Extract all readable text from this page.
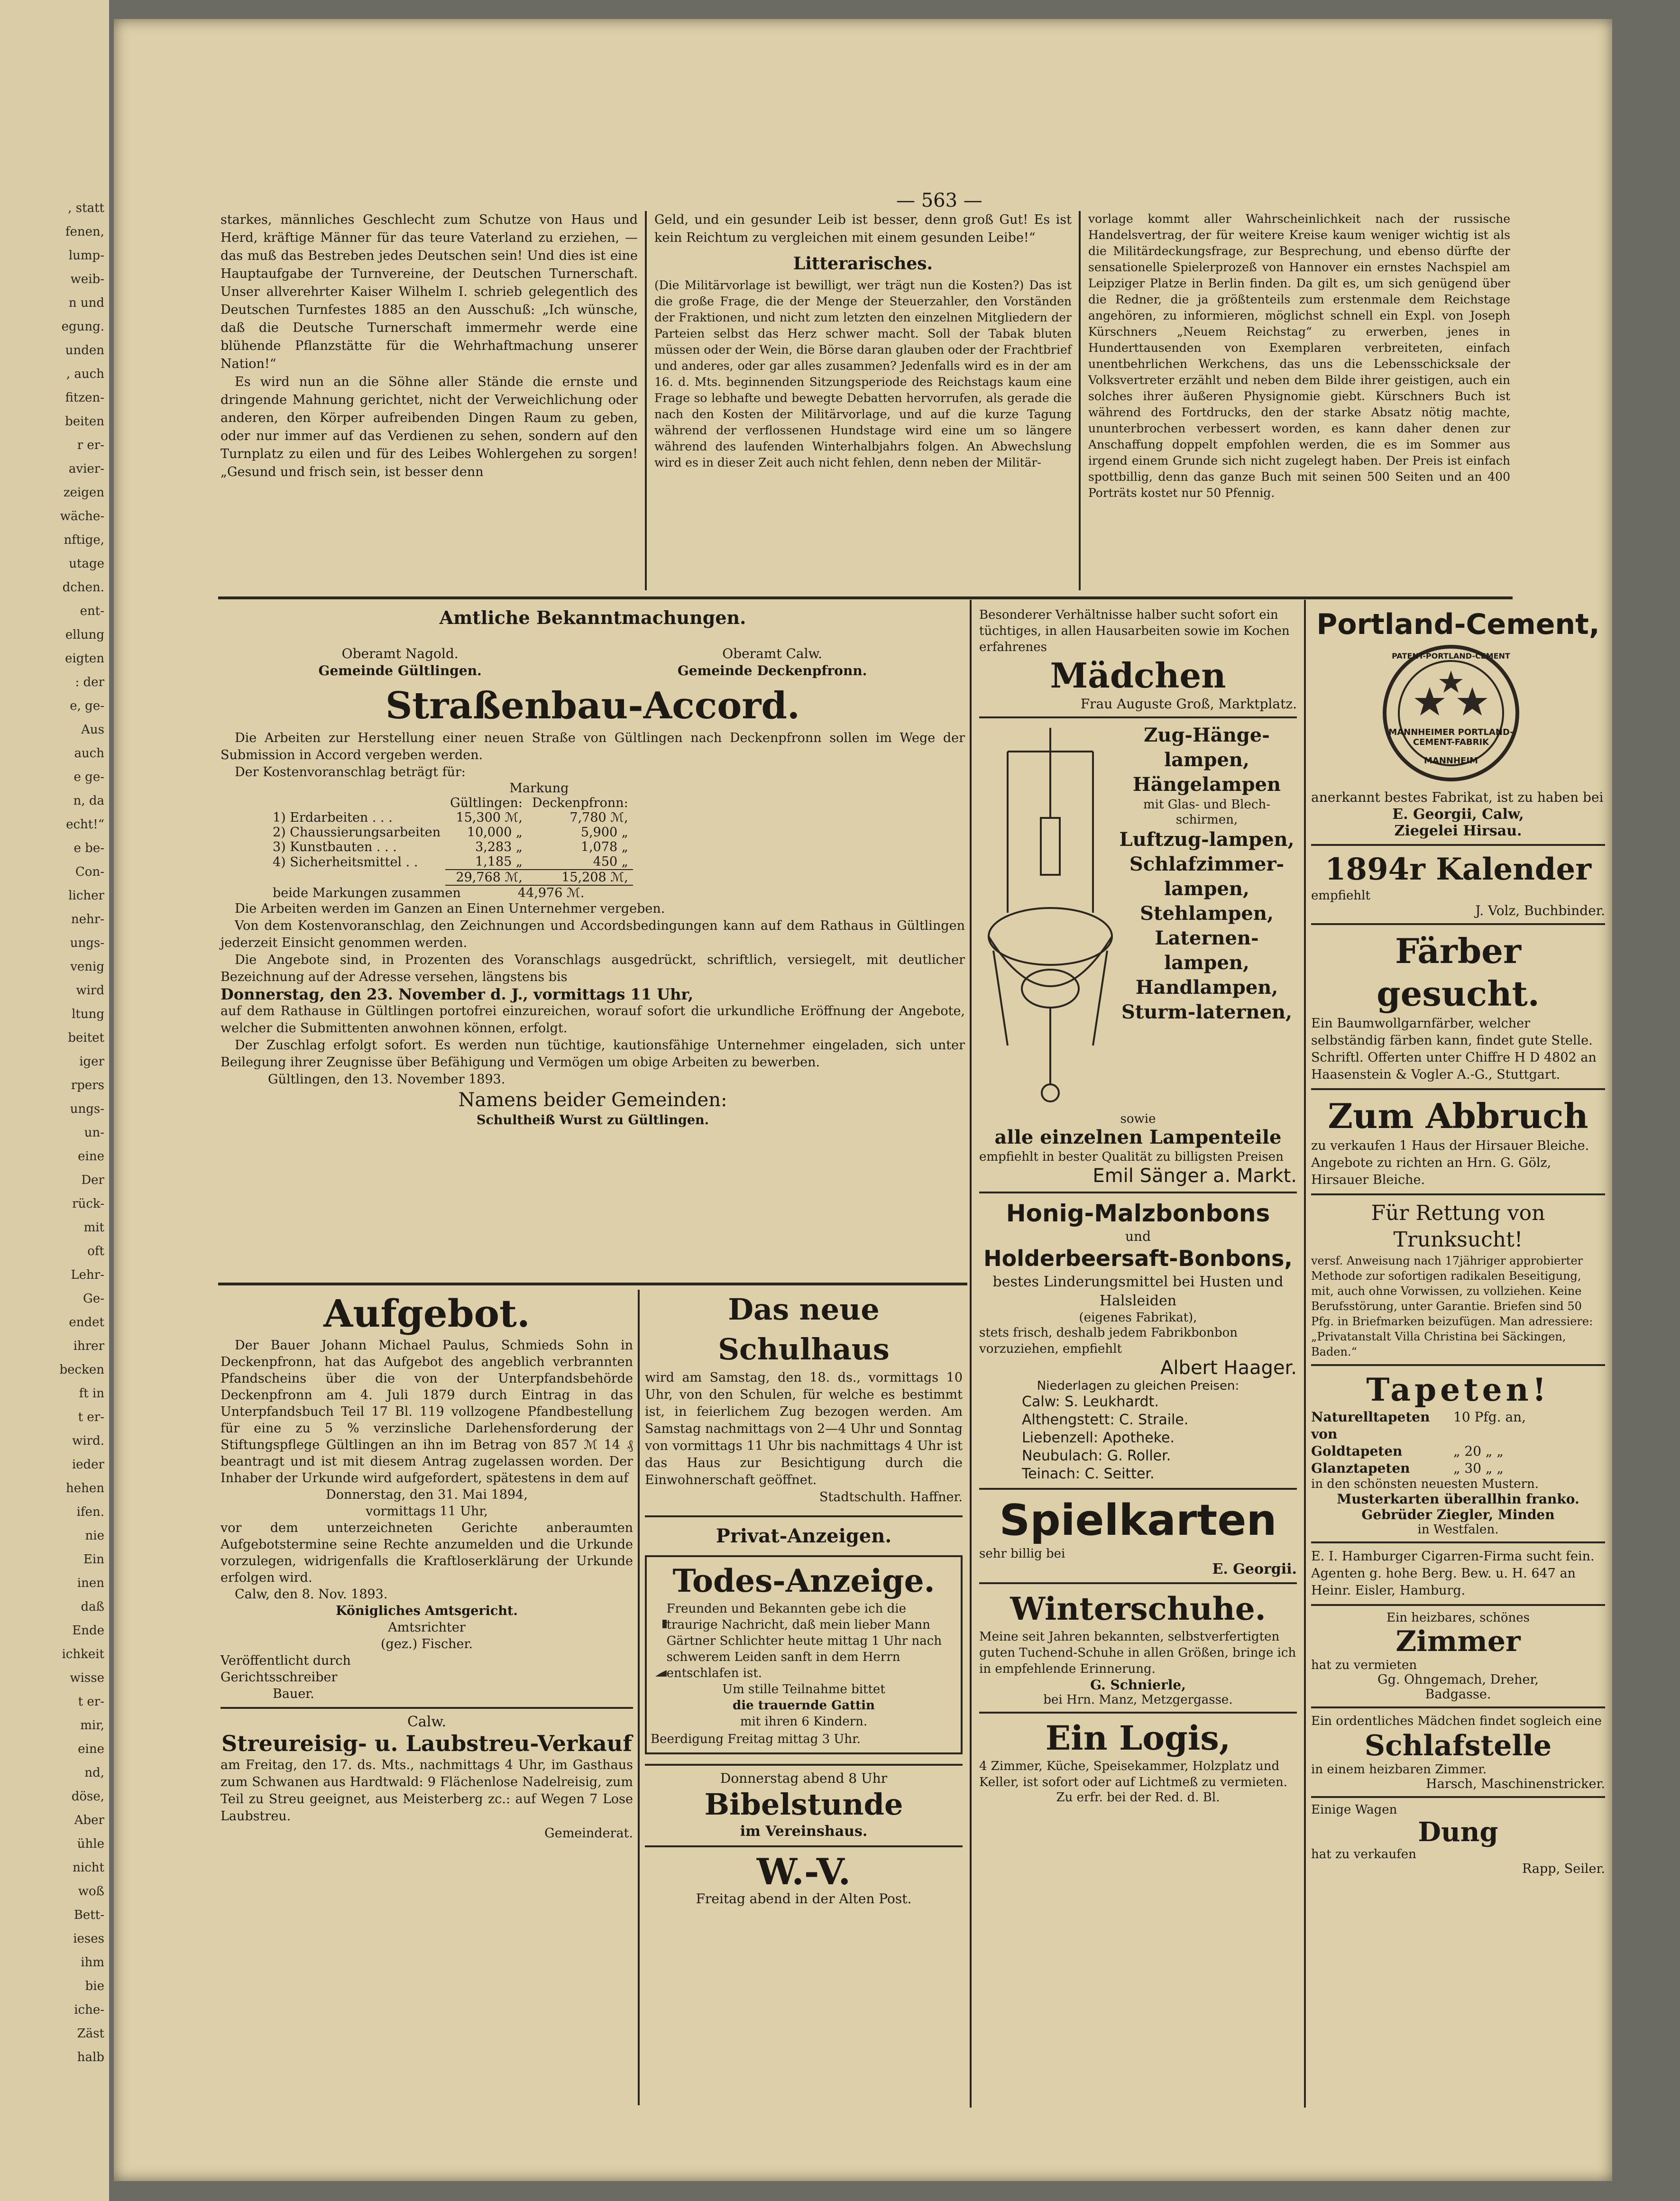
, statt
fenen,
lump-
weib-
n und
egung.
unden
, auch
fitzen-
beiten
r er-
avier-
zeigen
wäche-
nftige,
utage
dchen.
ent-
ellung
eigten
: der
e, ge-
Aus
auch
e ge-
n, da
echt!“
e be-
Con-
licher
nehr-
ungs-
venig
wird
ltung
beitet
iger
rpers
ungs-
un-
eine
Der
rück-
mit
oft
Lehr-
Ge-
endet
ihrer
becken
ft in
t er-
wird.
ieder
hehen
ifen.
nie
Ein
inen
daß
Ende
ichkeit
wisse
t er-
mir,
eine
nd,
döse,
Aber
ühle
nicht
woß
Bett-
ieses
ihm
bie
iche-
Zäst
halb
— 563 —

starkes, männliches Geschlecht zum Schutze von Haus und Herd, kräftige Männer für das teure Vaterland zu erziehen, — das muß das Bestreben jedes Deutschen sein! Und dies ist eine Hauptaufgabe der Turnvereine, der Deutschen Turnerschaft. Unser allverehrter Kaiser Wilhelm I. schrieb gelegentlich des Deutschen Turnfestes 1885 an den Ausschuß: „Ich wünsche, daß die Deutsche Turnerschaft immermehr werde eine blühende Pflanzstätte für die Wehrhaftmachung unserer Nation!“

Es wird nun an die Söhne aller Stände die ernste und dringende Mahnung gerichtet, nicht der Verweichlichung oder anderen, den Körper aufreibenden Dingen Raum zu geben, oder nur immer auf das Verdienen zu sehen, sondern auf den Turnplatz zu eilen und für des Leibes Wohlergehen zu sorgen! „Gesund und frisch sein, ist besser denn

Geld, und ein gesunder Leib ist besser, denn groß Gut! Es ist kein Reichtum zu vergleichen mit einem gesunden Leibe!“

Litterarisches.

(Die Militärvorlage ist bewilligt, wer trägt nun die Kosten?) Das ist die große Frage, die der Menge der Steuerzahler, den Vorständen der Fraktionen, und nicht zum letzten den einzelnen Mitgliedern der Parteien selbst das Herz schwer macht. Soll der Tabak bluten müssen oder der Wein, die Börse daran glauben oder der Frachtbrief und anderes, oder gar alles zusammen? Jedenfalls wird es in der am 16. d. Mts. beginnenden Sitzungsperiode des Reichstags kaum eine Frage so lebhafte und bewegte Debatten hervorrufen, als gerade die nach den Kosten der Militärvorlage, und auf die kurze Tagung während der verflossenen Hundstage wird eine um so längere während des laufenden Winterhalbjahrs folgen. An Abwechslung wird es in dieser Zeit auch nicht fehlen, denn neben der Militär-

vorlage kommt aller Wahrscheinlichkeit nach der russische Handelsvertrag, der für weitere Kreise kaum weniger wichtig ist als die Militärdeckungsfrage, zur Besprechung, und ebenso dürfte der sensationelle Spielerprozeß von Hannover ein ernstes Nachspiel am Leipziger Platze in Berlin finden. Da gilt es, um sich genügend über die Redner, die ja größtenteils zum erstenmale dem Reichstage angehören, zu informieren, möglichst schnell ein Expl. von Joseph Kürschners „Neuem Reichstag“ zu erwerben, jenes in Hunderttausenden von Exemplaren verbreiteten, einfach unentbehrlichen Werkchens, das uns die Lebensschicksale der Volksvertreter erzählt und neben dem Bilde ihrer geistigen, auch ein solches ihrer äußeren Physignomie giebt. Kürschners Buch ist während des Fortdrucks, den der starke Absatz nötig machte, ununterbrochen verbessert worden, es kann daher denen zur Anschaffung doppelt empfohlen werden, die es im Sommer aus irgend einem Grunde sich nicht zugelegt haben. Der Preis ist einfach spottbillig, denn das ganze Buch mit seinen 500 Seiten und an 400 Porträts kostet nur 50 Pfennig.

Amtliche Bekanntmachungen.
Oberamt Nagold.
Gemeinde Gültlingen.
Oberamt Calw.
Gemeinde Deckenpfronn.
Straßenbau-Accord.

Die Arbeiten zur Herstellung einer neuen Straße von Gültlingen nach Deckenpfronn sollen im Wege der Submission in Accord vergeben werden.

Der Kostenvoranschlag beträgt für:

	Markung	
	Gültlingen:	Deckenpfronn:
1) Erdarbeiten . . .	15,300 ℳ,	7,780 ℳ,
2) Chaussierungsarbeiten	10,000 „	5,900 „
3) Kunstbauten . . .	3,283 „	1,078 „
4) Sicherheitsmittel . .	1,185 „	450 „
	29,768 ℳ,	15,208 ℳ,
beide Markungen zusammen	44,976 ℳ.

Die Arbeiten werden im Ganzen an Einen Unternehmer vergeben.

Von dem Kostenvoranschlag, den Zeichnungen und Accordsbedingungen kann auf dem Rathaus in Gültlingen jederzeit Einsicht genommen werden.

Die Angebote sind, in Prozenten des Voranschlags ausgedrückt, schriftlich, versiegelt, mit deutlicher Bezeichnung auf der Adresse versehen, längstens bis

Donnerstag, den 23. November d. J., vormittags 11 Uhr,

auf dem Rathause in Gültlingen portofrei einzureichen, worauf sofort die urkundliche Eröffnung der Angebote, welcher die Submittenten anwohnen können, erfolgt.

Der Zuschlag erfolgt sofort. Es werden nun tüchtige, kautionsfähige Unternehmer eingeladen, sich unter Beilegung ihrer Zeugnisse über Befähigung und Vermögen um obige Arbeiten zu bewerben.

Gültlingen, den 13. November 1893.

Namens beider Gemeinden:

Schultheiß Wurst zu Gültlingen.

Aufgebot.

Der Bauer Johann Michael Paulus, Schmieds Sohn in Deckenpfronn, hat das Aufgebot des angeblich verbrannten Pfandscheins über die von der Unterpfandsbehörde Deckenpfronn am 4. Juli 1879 durch Eintrag in das Unterpfandsbuch Teil 17 Bl. 119 vollzogene Pfandbestellung für eine zu 5 % verzinsliche Darlehensforderung der Stiftungspflege Gültlingen an ihn im Betrag von 857 ℳ 14 ₰ beantragt und ist mit diesem Antrag zugelassen worden. Der Inhaber der Urkunde wird aufgefordert, spätestens in dem auf

Donnerstag, den 31. Mai 1894,

vormittags 11 Uhr,

vor dem unterzeichneten Gerichte anberaumten Aufgebotstermine seine Rechte anzumelden und die Urkunde vorzulegen, widrigenfalls die Kraftloserklärung der Urkunde erfolgen wird.

Calw, den 8. Nov. 1893.

Königliches Amtsgericht.

Amtsrichter

(gez.) Fischer.

Veröffentlicht durch

Gerichtsschreiber

Bauer.

Calw.
Streureisig- u. Laubstreu-Verkauf

am Freitag, den 17. ds. Mts., nachmittags 4 Uhr, im Gasthaus zum Schwanen aus Hardtwald: 9 Flächenlose Nadelreisig, zum Teil zu Streu geeignet, aus Meisterberg zc.: auf Wegen 7 Lose Laubstreu.

Gemeinderat.

Das neue Schulhaus

wird am Samstag, den 18. ds., vormittags 10 Uhr, von den Schulen, für welche es bestimmt ist, in feierlichem Zug bezogen werden. Am Samstag nachmittags von 2—4 Uhr und Sonntag von vormittags 11 Uhr bis nachmittags 4 Uhr ist das Haus zur Besichtigung durch die Einwohnerschaft geöffnet.

Stadtschulth. Haffner.

Privat-Anzeigen.
Todes-Anzeige.
Freunden und Bekannten gebe ich die traurige Nachricht, daß mein lieber Mann Gärtner Schlichter heute mittag 1 Uhr nach schwerem Leiden sanft in dem Herrn entschlafen ist.
Um stille Teilnahme bittet
die trauernde Gattin
mit ihren 6 Kindern.
Beerdigung Freitag mittag 3 Uhr.
Donnerstag abend 8 Uhr
Bibelstunde
im Vereinshaus.
W.-V.
Freitag abend in der Alten Post.
Besonderer Verhältnisse halber sucht sofort ein tüchtiges, in allen Hausarbeiten sowie im Kochen erfahrenes
Mädchen
Frau Auguste Groß, Marktplatz.
Zug-Hänge-lampen,
Hängelampen
mit Glas- und Blech-schirmen,
Luftzug-lampen,
Schlafzimmer-lampen,
Stehlampen,
Laternen-lampen,
Handlampen,
Sturm-laternen,
sowie
alle einzelnen Lampenteile
empfiehlt in bester Qualität zu billigsten Preisen
Emil Sänger a. Markt.
Honig-Malzbonbons
und
Holderbeersaft-Bonbons,
bestes Linderungsmittel bei Husten und Halsleiden
(eigenes Fabrikat),
stets frisch, deshalb jedem Fabrikbonbon vorzuziehen, empfiehlt
Albert Haager.
Niederlagen zu gleichen Preisen:
Calw: S. Leukhardt.
Althengstett: C. Straile.
Liebenzell: Apotheke.
Neubulach: G. Roller.
Teinach: C. Seitter.
Spielkarten
sehr billig bei
E. Georgii.
Winterschuhe.
Meine seit Jahren bekannten, selbstverfertigten guten Tuchend-Schuhe in allen Größen, bringe ich in empfehlende Erinnerung.
G. Schnierle,
bei Hrn. Manz, Metzgergasse.
Ein Logis,
4 Zimmer, Küche, Speisekammer, Holzplatz und Keller, ist sofort oder auf Lichtmeß zu vermieten.
Zu erfr. bei der Red. d. Bl.
Portland-Cement,
MANNHEIMER PORTLAND-CEMENT-FABRIK
MANNHEIM
PATENT-PORTLAND-CEMENT
anerkannt bestes Fabrikat, ist zu haben bei
E. Georgii, Calw,
Ziegelei Hirsau.
1894r Kalender
empfiehlt
J. Volz, Buchbinder.
Färber gesucht.
Ein Baumwollgarnfärber, welcher selbständig färben kann, findet gute Stelle. Schriftl. Offerten unter Chiffre H D 4802 an Haasenstein & Vogler A.-G., Stuttgart.
Zum Abbruch
zu verkaufen 1 Haus der Hirsauer Bleiche.
Angebote zu richten an Hrn. G. Gölz, Hirsauer Bleiche.
Für Rettung von Trunksucht!
versf. Anweisung nach 17jähriger approbierter Methode zur sofortigen radikalen Beseitigung, mit, auch ohne Vorwissen, zu vollziehen. Keine Berufsstörung, unter Garantie. Briefen sind 50 Pfg. in Briefmarken beizufügen. Man adressiere: „Privatanstalt Villa Christina bei Säckingen, Baden.“
Tapeten!
Naturelltapeten von
10 Pfg. an,
Goldtapeten	„ 20 „ „
Glanztapeten	„ 30 „ „
in den schönsten neuesten Mustern.
Musterkarten überallhin franko.
Gebrüder Ziegler, Minden
in Westfalen.
E. I. Hamburger Cigarren-Firma sucht fein. Agenten g. hohe Berg. Bew. u. H. 647 an Heinr. Eisler, Hamburg.
Ein heizbares, schönes
Zimmer
hat zu vermieten
Gg. Ohngemach, Dreher,
Badgasse.
Ein ordentliches Mädchen findet sogleich eine
Schlafstelle
in einem heizbaren Zimmer.
Harsch, Maschinenstricker.
Einige Wagen
Dung
hat zu verkaufen
Rapp, Seiler.
